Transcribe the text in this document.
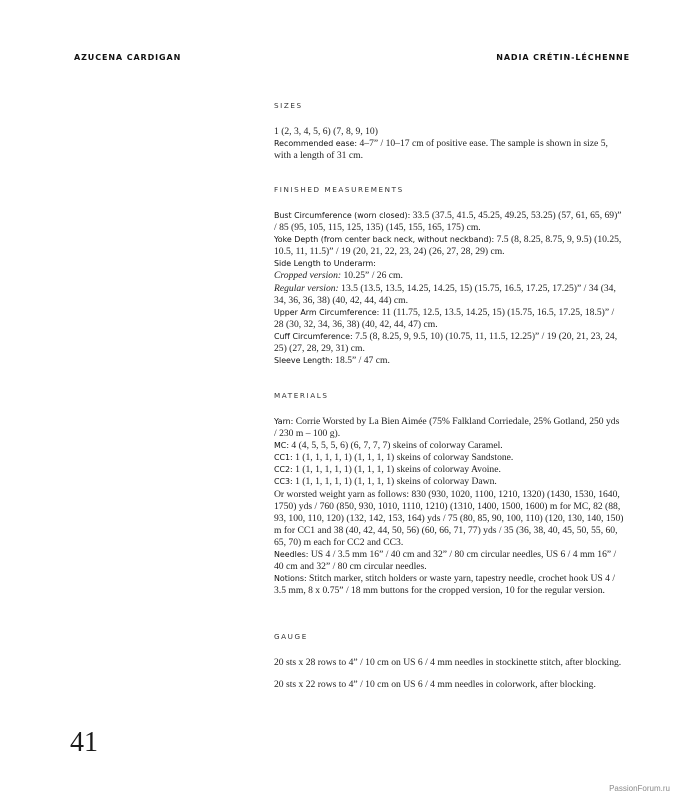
AZUCENA CARDIGAN	NADIA CRÉTIN-LÉCHENNE
SIZES

1 (2, 3, 4, 5, 6) (7, 8, 9, 10)

Recommended ease: 4–7” / 10–17 cm of positive ease. The sample is shown in size 5, with a length of 31 cm.

FINISHED MEASUREMENTS

Bust Circumference (worn closed): 33.5 (37.5, 41.5, 45.25, 49.25, 53.25) (57, 61, 65, 69)” / 85 (95, 105, 115, 125, 135) (145, 155, 165, 175) cm.

Yoke Depth (from center back neck, without neckband): 7.5 (8, 8.25, 8.75, 9, 9.5) (10.25, 10.5, 11, 11.5)” / 19 (20, 21, 22, 23, 24) (26, 27, 28, 29) cm.

Side Length to Underarm:

Cropped version: 10.25” / 26 cm.

Regular version: 13.5 (13.5, 13.5, 14.25, 14.25, 15) (15.75, 16.5, 17.25, 17.25)” / 34 (34, 34, 36, 36, 38) (40, 42, 44, 44) cm.

Upper Arm Circumference: 11 (11.75, 12.5, 13.5, 14.25, 15) (15.75, 16.5, 17.25, 18.5)” / 28 (30, 32, 34, 36, 38) (40, 42, 44, 47) cm.

Cuff Circumference: 7.5 (8, 8.25, 9, 9.5, 10) (10.75, 11, 11.5, 12.25)” / 19 (20, 21, 23, 24, 25) (27, 28, 29, 31) cm.

Sleeve Length: 18.5” / 47 cm.

MATERIALS

Yarn: Corrie Worsted by La Bien Aimée (75% Falkland Corriedale, 25% Gotland, 250 yds / 230 m – 100 g).

MC: 4 (4, 5, 5, 5, 6) (6, 7, 7, 7) skeins of colorway Caramel.

CC1: 1 (1, 1, 1, 1, 1) (1, 1, 1, 1) skeins of colorway Sandstone.

CC2: 1 (1, 1, 1, 1, 1) (1, 1, 1, 1) skeins of colorway Avoine.

CC3: 1 (1, 1, 1, 1, 1) (1, 1, 1, 1) skeins of colorway Dawn.

Or worsted weight yarn as follows: 830 (930, 1020, 1100, 1210, 1320) (1430, 1530, 1640, 1750) yds / 760 (850, 930, 1010, 1110, 1210) (1310, 1400, 1500, 1600) m for MC, 82 (88, 93, 100, 110, 120) (132, 142, 153, 164) yds / 75 (80, 85, 90, 100, 110) (120, 130, 140, 150) m for CC1 and 38 (40, 42, 44, 50, 56) (60, 66, 71, 77) yds / 35 (36, 38, 40, 45, 50, 55, 60, 65, 70) m each for CC2 and CC3.

Needles: US 4 / 3.5 mm 16” / 40 cm and 32” / 80 cm circular needles, US 6 / 4 mm 16” / 40 cm and 32” / 80 cm circular needles.

Notions: Stitch marker, stitch holders or waste yarn, tapestry needle, crochet hook US 4 / 3.5 mm, 8 x 0.75” / 18 mm buttons for the cropped version, 10 for the regular version.

GAUGE

20 sts x 28 rows to 4” / 10 cm on US 6 / 4 mm needles in stockinette stitch, after blocking.

20 sts x 22 rows to 4” / 10 cm on US 6 / 4 mm needles in colorwork, after blocking.

41
PassionForum.ru
